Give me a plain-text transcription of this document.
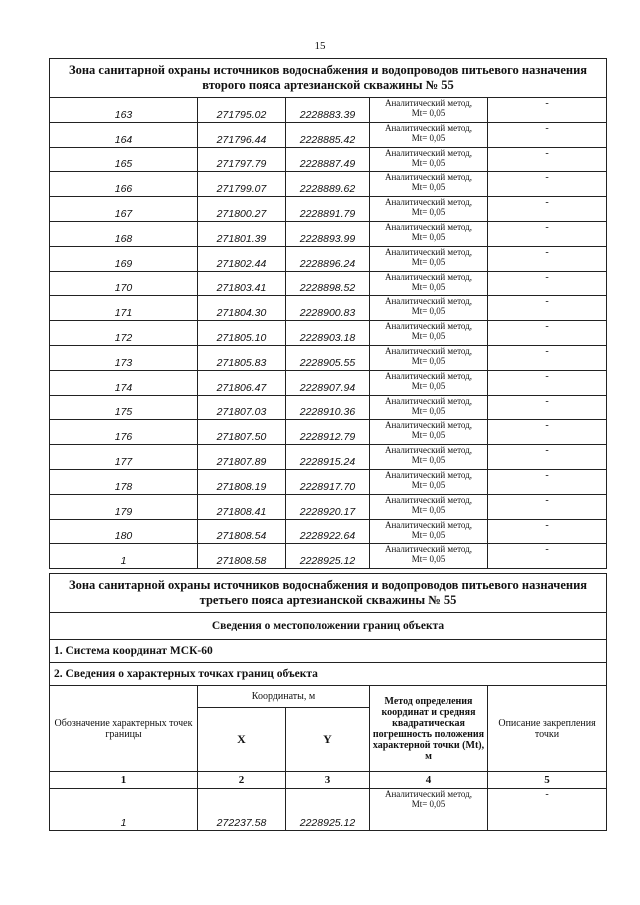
15
Зона санитарной охраны источников водоснабжения и водопроводов питьевого назначения
второго пояса артезианской скважины № 55				
163	271795.02	2228883.39	Аналитический метод,
Mt= 0,05	-
164	271796.44	2228885.42	Аналитический метод,
Mt= 0,05	-
165	271797.79	2228887.49	Аналитический метод,
Mt= 0,05	-
166	271799.07	2228889.62	Аналитический метод,
Mt= 0,05	-
167	271800.27	2228891.79	Аналитический метод,
Mt= 0,05	-
168	271801.39	2228893.99	Аналитический метод,
Mt= 0,05	-
169	271802.44	2228896.24	Аналитический метод,
Mt= 0,05	-
170	271803.41	2228898.52	Аналитический метод,
Mt= 0,05	-
171	271804.30	2228900.83	Аналитический метод,
Mt= 0,05	-
172	271805.10	2228903.18	Аналитический метод,
Mt= 0,05	-
173	271805.83	2228905.55	Аналитический метод,
Mt= 0,05	-
174	271806.47	2228907.94	Аналитический метод,
Mt= 0,05	-
175	271807.03	2228910.36	Аналитический метод,
Mt= 0,05	-
176	271807.50	2228912.79	Аналитический метод,
Mt= 0,05	-
177	271807.89	2228915.24	Аналитический метод,
Mt= 0,05	-
178	271808.19	2228917.70	Аналитический метод,
Mt= 0,05	-
179	271808.41	2228920.17	Аналитический метод,
Mt= 0,05	-
180	271808.54	2228922.64	Аналитический метод,
Mt= 0,05	-
1	271808.58	2228925.12	Аналитический метод,
Mt= 0,05	-
Зона санитарной охраны источников водоснабжения и водопроводов питьевого назначения
третьего пояса артезианской скважины № 55				
Сведения о местоположении границ объекта				
1. Система координат МСК-60				
2. Сведения о характерных точках границ объекта				
Обозначение характерных точек границы	Координаты, м		Метод определения координат и средняя квадратическая погрешность положения характерной точки (Mt), м	Описание закрепления точки
	X	Y		
1	2	3	4	5
1	272237.58	2228925.12	Аналитический метод,
Mt= 0,05	-
